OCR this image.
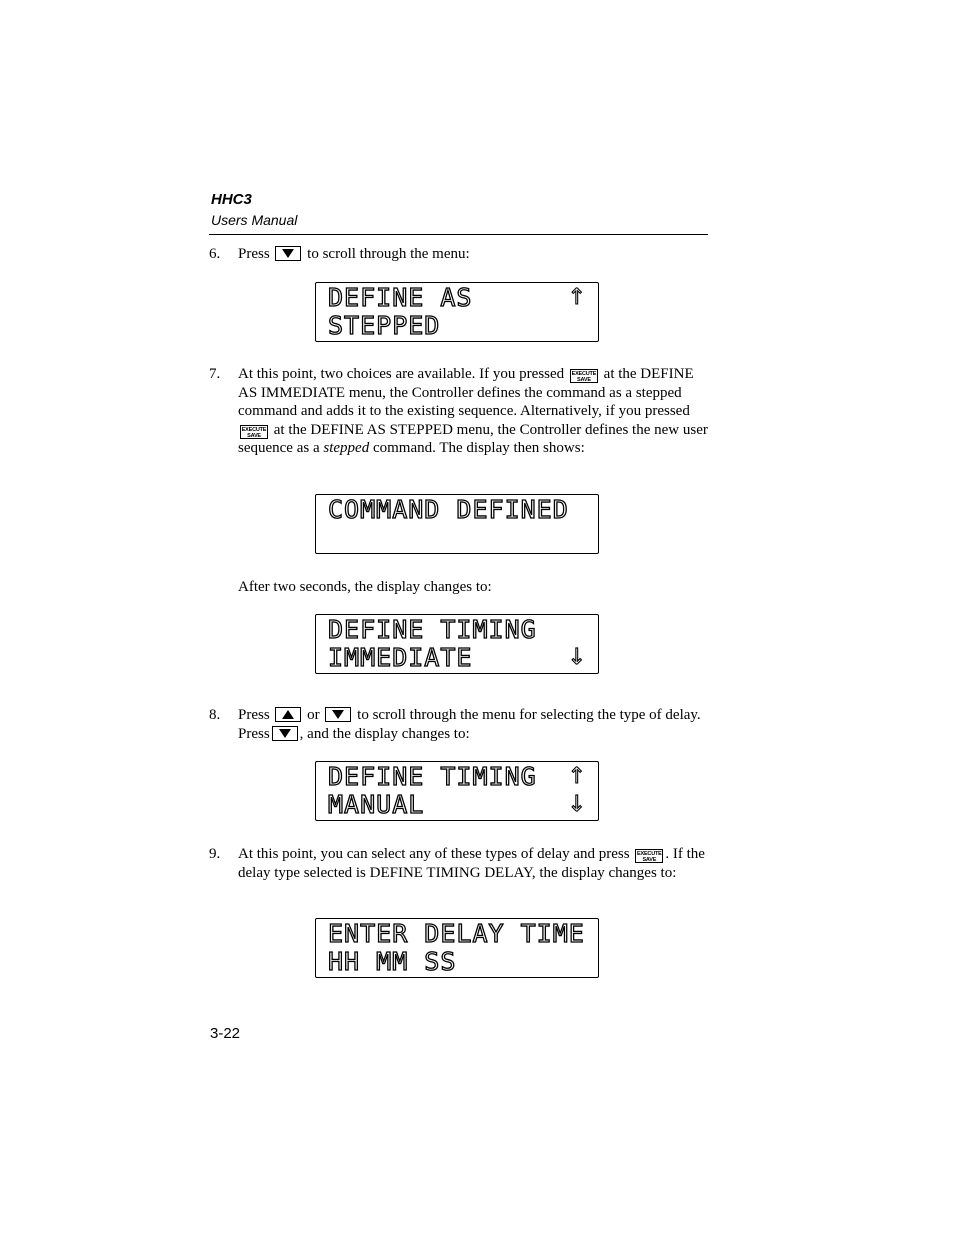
HHC3
Users Manual
6. Press	to scroll through the menu:
DEFINE AS
STEPPED
↑
7. At this point, two choices are available. If you pressed EXECUTE
SAVE at the DEFINE AS IMMEDIATE menu, the Controller defines the command as a stepped command and adds it to the existing sequence. Alternatively, if you pressed EXECUTE
SAVE at the DEFINE AS STEPPED menu, the Controller defines the new user sequence as a stepped command. The display then shows:
COMMAND DEFINED
After two seconds, the display changes to:
DEFINE TIMING
IMMEDIATE	↓
8. Press	or	to scroll through the menu for selecting the type of delay. Press , and the display changes to:
DEFINE TIMING
MANUAL
↑
↓
9. At this point, you can select any of these types of delay and press EXECUTE
SAVE . If the delay type selected is DEFINE TIMING DELAY, the display changes to:
ENTER DELAY TIME
HH MM SS
3-22
